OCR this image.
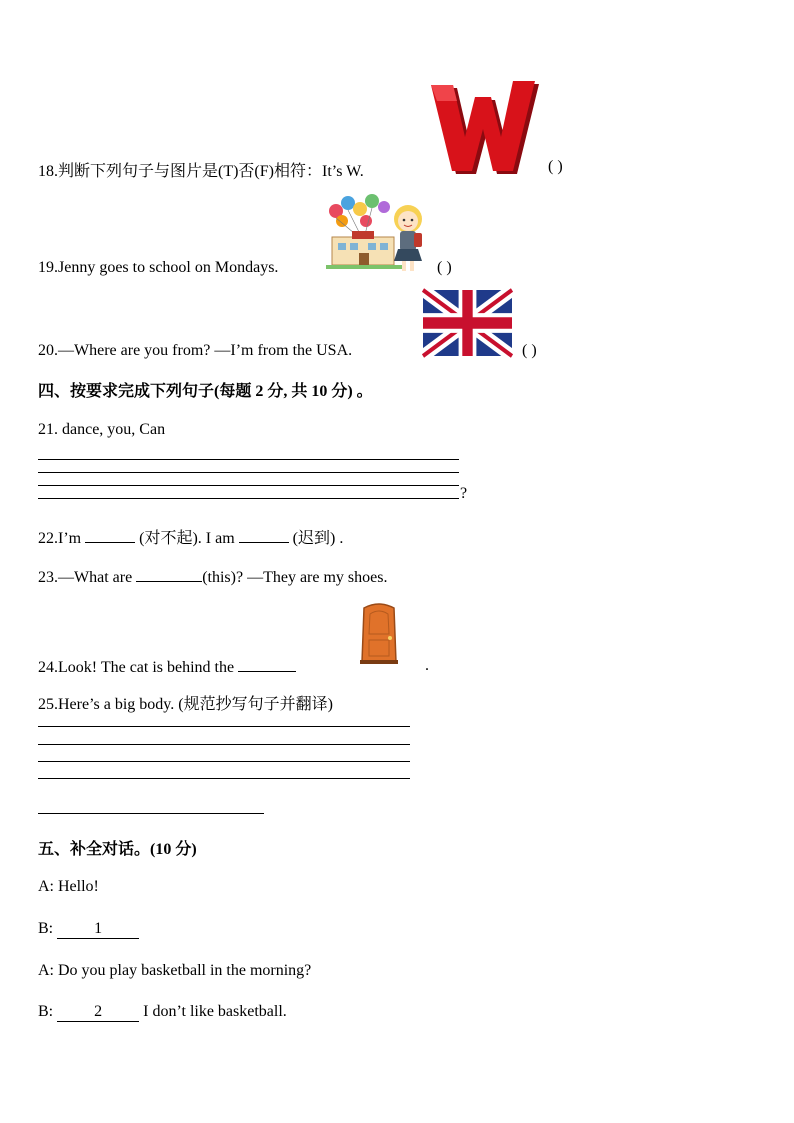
18.判断下列句子与图片是(T)否(F)相符：It’s W.
W
( )
19.Jenny goes to school on Mondays.	( )
20.—Where are you from? —I’m from the USA.	( )
四、按要求完成下列句子(每题 2 分, 共 10 分) 。
21. dance, you, Can
?
22.I’m	(对不起). I am	(迟到) .
23.—What are	(this)? —They are my shoes.
24.Look! The cat is behind the	.
25.Here’s a big body. (规范抄写句子并翻译)
五、补全对话。(10 分)
A: Hello!
B:	1
A: Do you play basketball in the morning?
B:	2	I don’t like basketball.
